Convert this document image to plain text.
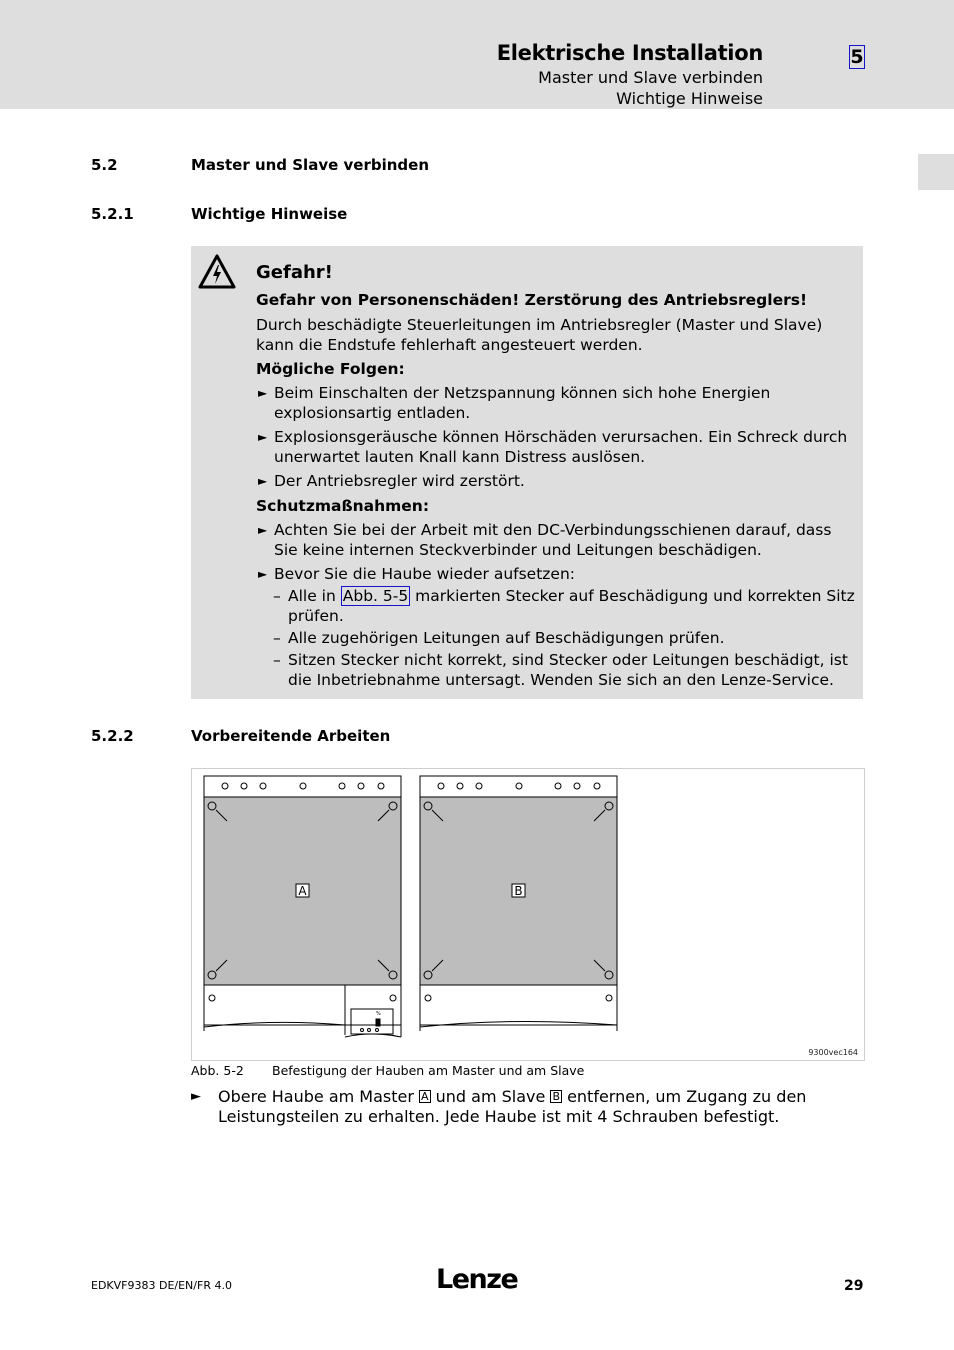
Elektrische Installation
Master und Slave verbinden
Wichtige Hinweise
5
5.2	Master und Slave verbinden
5.2.1	Wichtige Hinweise
Gefahr!
Gefahr von Personenschäden! Zerstörung des Antriebsreglers!
Durch beschädigte Steuerleitungen im Antriebsregler (Master und Slave) kann die Endstufe fehlerhaft angesteuert werden.
Mögliche Folgen:
► Beim Einschalten der Netzspannung können sich hohe Energien explosionsartig entladen.
► Explosionsgeräusche können Hörschäden verursachen. Ein Schreck durch unerwartet lauten Knall kann Distress auslösen.
► Der Antriebsregler wird zerstört.
Schutzmaßnahmen:
► Achten Sie bei der Arbeit mit den DC-Verbindungsschienen darauf, dass Sie keine internen Steckverbinder und Leitungen beschädigen.
► Bevor Sie die Haube wieder aufsetzen:
– Alle in Abb. 5-5 markierten Stecker auf Beschädigung und korrekten Sitz prüfen.
– Alle zugehörigen Leitungen auf Beschädigungen prüfen.
– Sitzen Stecker nicht korrekt, sind Stecker oder Leitungen beschädigt, ist die Inbetriebnahme untersagt. Wenden Sie sich an den Lenze-Service.
5.2.2	Vorbereitende Arbeiten
%
A	B
9300vec164
Abb. 5-2 Befestigung der Hauben am Master und am Slave
►	Obere Haube am Master A und am Slave B entfernen, um Zugang zu den Leistungsteilen zu erhalten. Jede Haube ist mit 4 Schrauben befestigt.
EDKVF9383 DE/EN/FR 4.0	Lenze	29
